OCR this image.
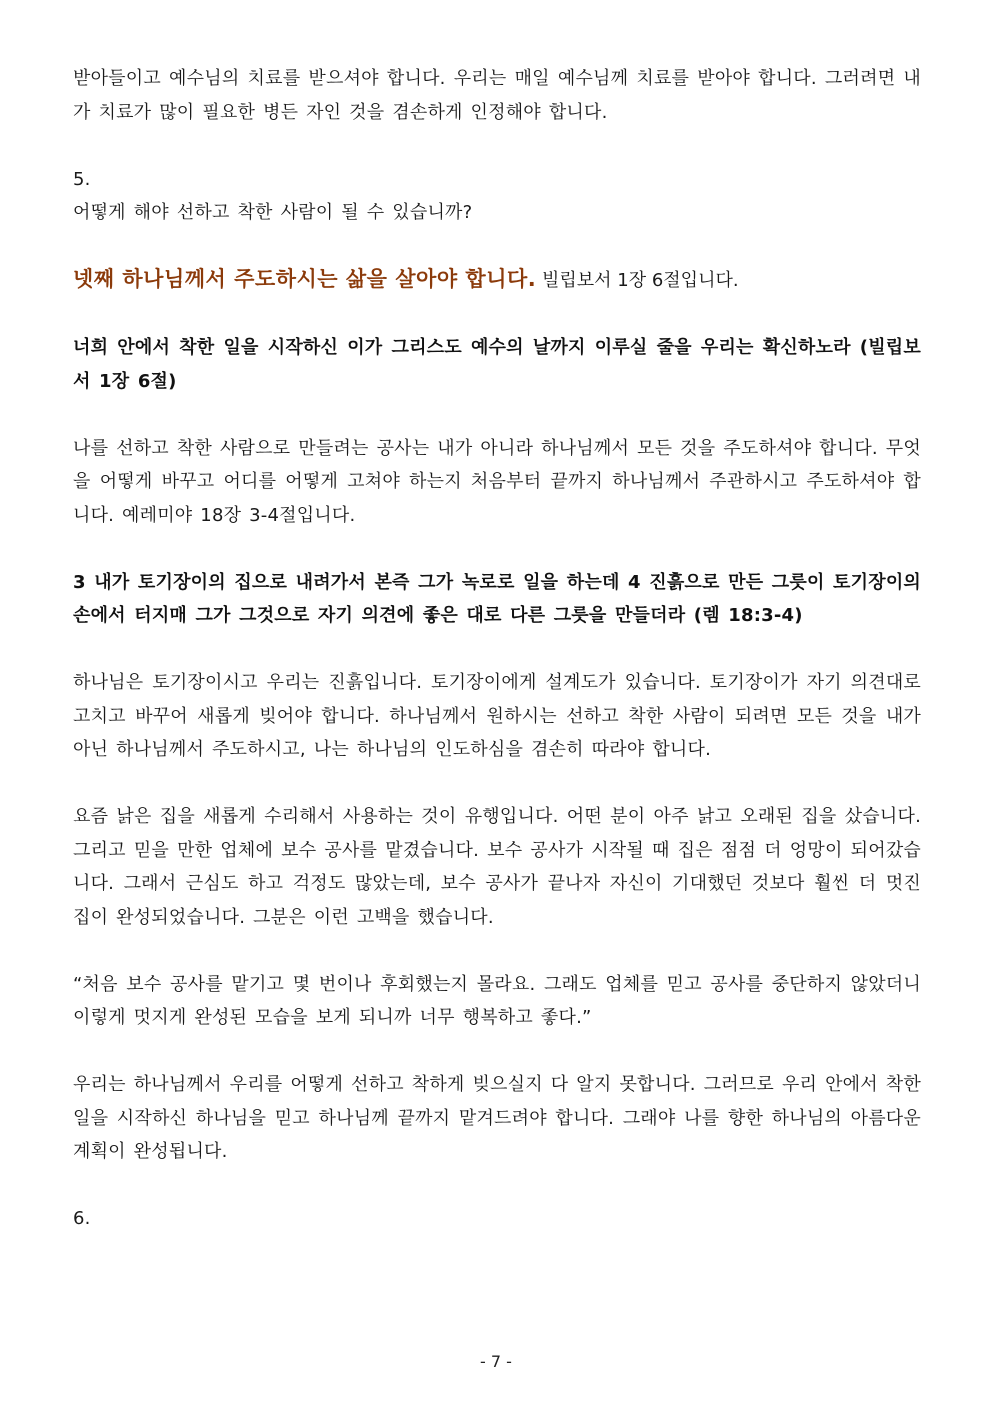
받아들이고 예수님의 치료를 받으셔야 합니다. 우리는 매일 예수님께 치료를 받아야 합니다. 그러려면 내가 치료가 많이 필요한 병든 자인 것을 겸손하게 인정해야 합니다.

5.

어떻게 해야 선하고 착한 사람이 될 수 있습니까?

넷째 하나님께서 주도하시는 삶을 살아야 합니다. 빌립보서 1장 6절입니다.

너희 안에서 착한 일을 시작하신 이가 그리스도 예수의 날까지 이루실 줄을 우리는 확신하노라 (빌립보서 1장 6절)

나를 선하고 착한 사람으로 만들려는 공사는 내가 아니라 하나님께서 모든 것을 주도하셔야 합니다. 무엇을 어떻게 바꾸고 어디를 어떻게 고쳐야 하는지 처음부터 끝까지 하나님께서 주관하시고 주도하셔야 합니다. 예레미야 18장 3-4절입니다.

3 내가 토기장이의 집으로 내려가서 본즉 그가 녹로로 일을 하는데 4 진흙으로 만든 그릇이 토기장이의 손에서 터지매 그가 그것으로 자기 의견에 좋은 대로 다른 그릇을 만들더라 (렘 18:3-4)

하나님은 토기장이시고 우리는 진흙입니다. 토기장이에게 설계도가 있습니다. 토기장이가 자기 의견대로 고치고 바꾸어 새롭게 빚어야 합니다. 하나님께서 원하시는 선하고 착한 사람이 되려면 모든 것을 내가 아닌 하나님께서 주도하시고, 나는 하나님의 인도하심을 겸손히 따라야 합니다.

요즘 낡은 집을 새롭게 수리해서 사용하는 것이 유행입니다. 어떤 분이 아주 낡고 오래된 집을 샀습니다. 그리고 믿을 만한 업체에 보수 공사를 맡겼습니다. 보수 공사가 시작될 때 집은 점점 더 엉망이 되어갔습니다. 그래서 근심도 하고 걱정도 많았는데, 보수 공사가 끝나자 자신이 기대했던 것보다 훨씬 더 멋진 집이 완성되었습니다. 그분은 이런 고백을 했습니다.

“처음 보수 공사를 맡기고 몇 번이나 후회했는지 몰라요. 그래도 업체를 믿고 공사를 중단하지 않았더니 이렇게 멋지게 완성된 모습을 보게 되니까 너무 행복하고 좋다.”

우리는 하나님께서 우리를 어떻게 선하고 착하게 빚으실지 다 알지 못합니다. 그러므로 우리 안에서 착한 일을 시작하신 하나님을 믿고 하나님께 끝까지 맡겨드려야 합니다. 그래야 나를 향한 하나님의 아름다운 계획이 완성됩니다.

6.

- 7 -
